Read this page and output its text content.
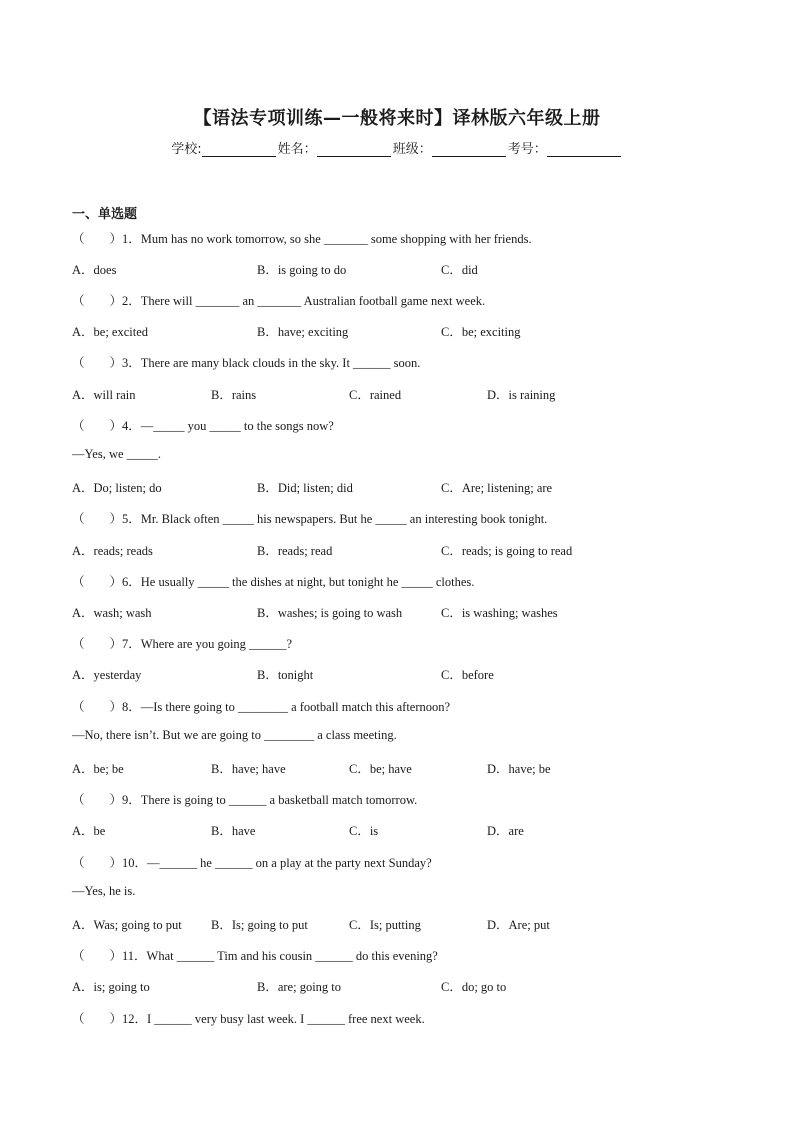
【语法专项训练—一般将来时】译林版六年级上册
学校:	姓名：	班级：	考号：
一、单选题
（　　）1．Mum has no work tomorrow, so she _______ some shopping with her friends.
A．does	B．is going to do	C．did
（　　）2．There will _______ an _______ Australian football game next week.
A．be; excited	B．have; exciting	C．be; exciting
（　　）3．There are many black clouds in the sky. It ______ soon.
A．will rain	B．rains	C．rained	D．is raining
（　　）4．—_____ you _____ to the songs now?
—Yes, we _____.
A．Do; listen; do	B．Did; listen; did	C．Are; listening; are
（　　）5．Mr. Black often _____ his newspapers. But he _____ an interesting book tonight.
A．reads; reads	B．reads; read	C．reads; is going to read
（　　）6．He usually _____ the dishes at night, but tonight he _____ clothes.
A．wash; wash	B．washes; is going to wash	C．is washing; washes
（　　）7．Where are you going ______?
A．yesterday	B．tonight	C．before
（　　）8．—Is there going to ________ a football match this afternoon?
—No, there isn’t. But we are going to ________ a class meeting.
A．be; be	B．have; have	C．be; have	D．have; be
（　　）9．There is going to ______ a basketball match tomorrow.
A．be	B．have	C．is	D．are
（　　）10．—______ he ______ on a play at the party next Sunday?
—Yes, he is.
A．Was; going to put B．Is; going to put	C．Is; putting	D．Are; put
（　　）11．What ______ Tim and his cousin ______ do this evening?
A．is; going to	B．are; going to	C．do; go to
（　　）12．I ______ very busy last week. I ______ free next week.
